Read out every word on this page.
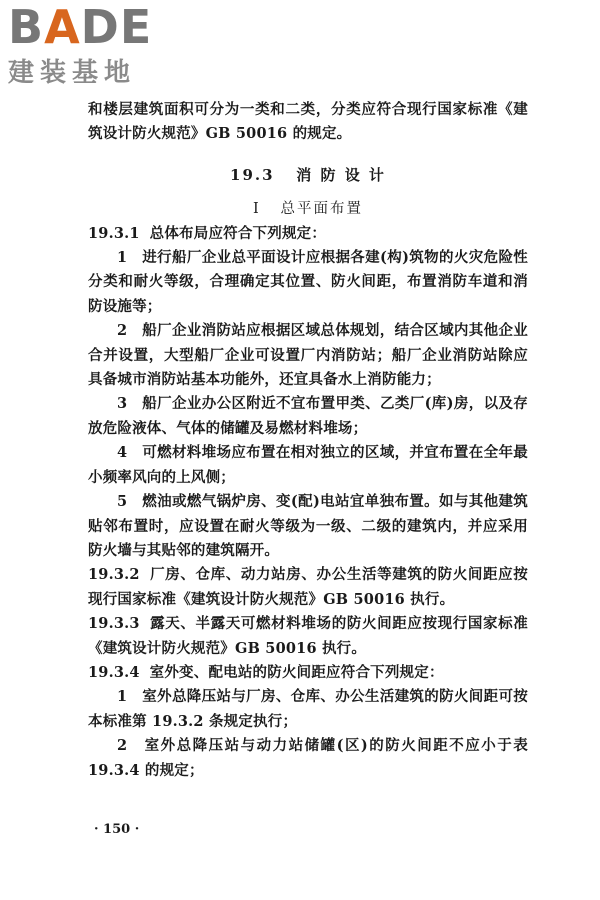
BADE
建装基地

和楼层建筑面积可分为一类和二类，分类应符合现行国家标准《建筑设计防火规范》GB 50016 的规定。

19.3 消 防 设 计
Ⅰ 总平面布置

19.3.1 总体布局应符合下列规定：

1　进行船厂企业总平面设计应根据各建(构)筑物的火灾危险性分类和耐火等级，合理确定其位置、防火间距，布置消防车道和消防设施等；

2　船厂企业消防站应根据区域总体规划，结合区域内其他企业合并设置，大型船厂企业可设置厂内消防站；船厂企业消防站除应具备城市消防站基本功能外，还宜具备水上消防能力；

3　船厂企业办公区附近不宜布置甲类、乙类厂(库)房，以及存放危险液体、气体的储罐及易燃材料堆场；

4　可燃材料堆场应布置在相对独立的区域，并宜布置在全年最小频率风向的上风侧；

5　燃油或燃气锅炉房、变(配)电站宜单独布置。如与其他建筑贴邻布置时，应设置在耐火等级为一级、二级的建筑内，并应采用防火墙与其贴邻的建筑隔开。

19.3.2 厂房、仓库、动力站房、办公生活等建筑的防火间距应按现行国家标准《建筑设计防火规范》GB 50016 执行。

19.3.3 露天、半露天可燃材料堆场的防火间距应按现行国家标准《建筑设计防火规范》GB 50016 执行。

19.3.4 室外变、配电站的防火间距应符合下列规定：

1　室外总降压站与厂房、仓库、办公生活建筑的防火间距可按本标准第 19.3.2 条规定执行；

2　室外总降压站与动力站储罐(区)的防火间距不应小于表 19.3.4 的规定；

· 150 ·
